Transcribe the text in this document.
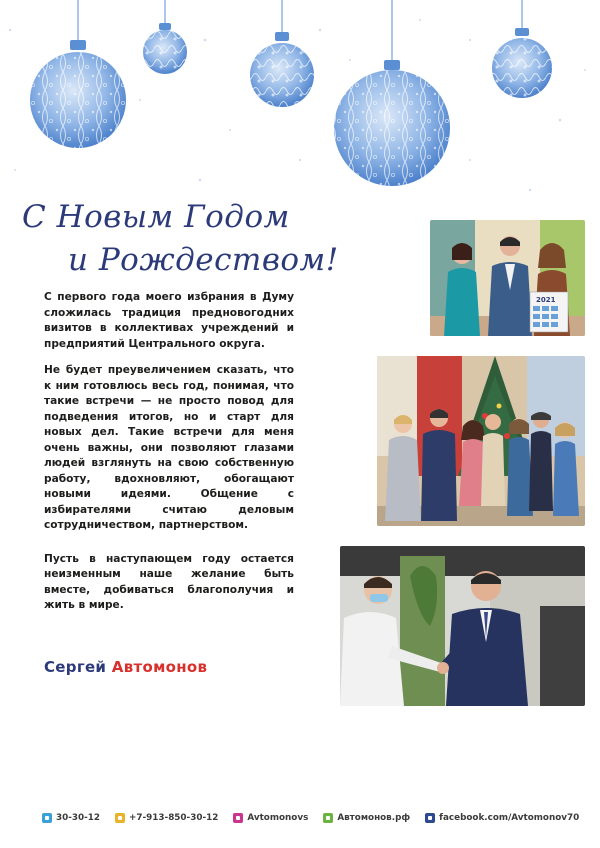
С Новым Годом
и Рождеством!

С первого года моего избрания в Думу сложилась традиция предновогодних визитов в коллективах учреждений и предприятий Центрального округа.

Не будет преувеличением сказать, что к ним готовлюсь весь год, понимая, что такие встречи — не просто повод для подведения итогов, но и старт для новых дел. Такие встречи для меня очень важны, они позволяют глазами людей взглянуть на свою собственную работу, вдохновляют, обогащают новыми идеями. Общение с избирателями считаю деловым сотрудничеством, партнерством.

Пусть в наступающем году остается неизменным наше желание быть вместе, добиваться благополучия и жить в мире.

Сергей Автомонов

2021
30-30-12	+7-913-850-30-12	Avtomonovs	Автомонов.рф	facebook.com/Avtomonov70
